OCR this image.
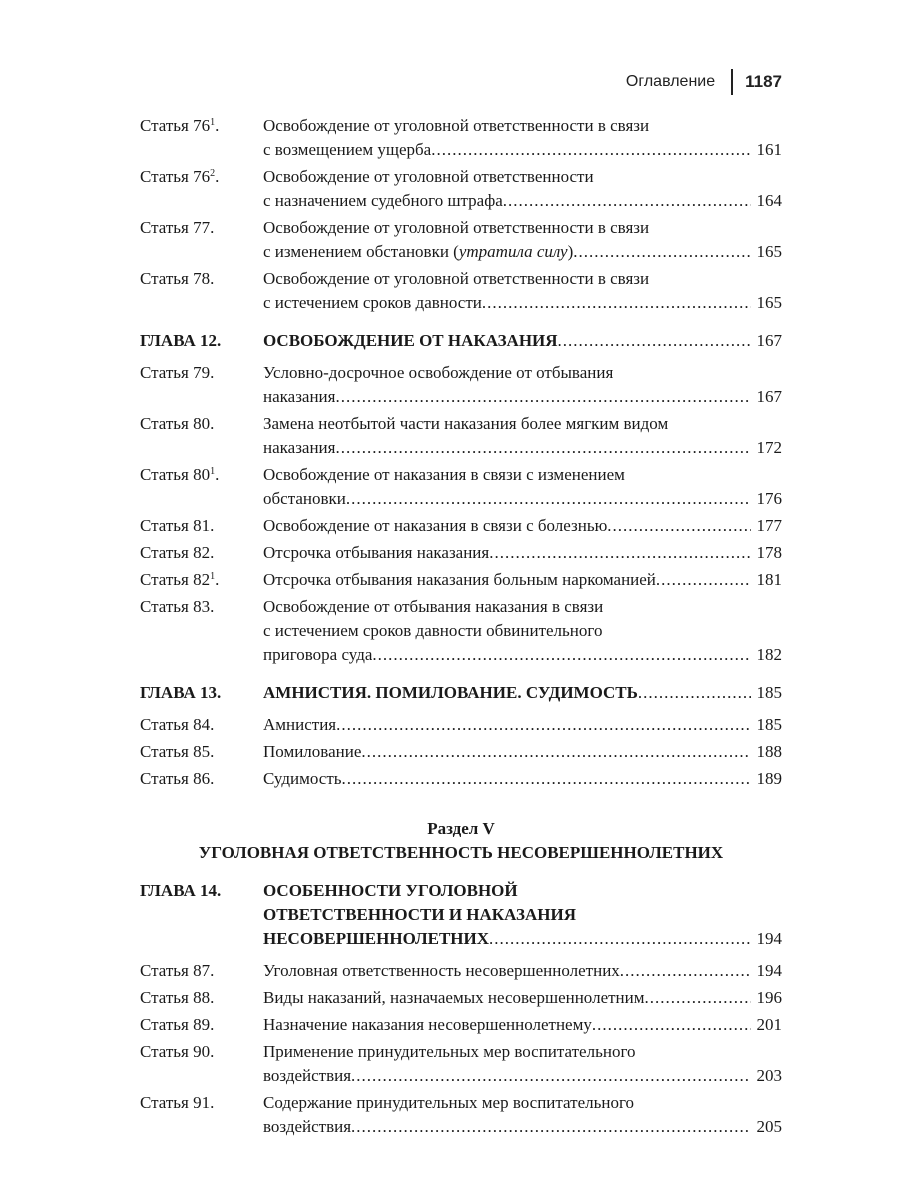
Оглавление 1187
Статья $76^1$.	Освобождение от уголовной ответственности в связи
с возмещением ущерба .....	161
Статья $76^2$.	Освобождение от уголовной ответственности
с назначением судебного штрафа .....	164
Статья 77.	Освобождение от уголовной ответственности в связи
с изменением обстановки (утратила силу) .....	165
Статья 78.	Освобождение от уголовной ответственности в связи
с истечением сроков давности .....	165
ГЛАВА 12.	ОСВОБОЖДЕНИЕ ОТ НАКАЗАНИЯ .....	167
Статья 79.	Условно-досрочное освобождение от отбывания
наказания .....	167
Статья 80.	Замена неотбытой части наказания более мягким видом
наказания .....	172
Статья $80^1$.	Освобождение от наказания в связи с изменением
обстановки .....	176
Статья 81.	Освобождение от наказания в связи с болезнью .....	177
Статья 82.	Отсрочка отбывания наказания .....	178
Статья $82^1$.	Отсрочка отбывания наказания больным наркоманией .....	181
Статья 83.	Освобождение от отбывания наказания в связи
с истечением сроков давности обвинительного
приговора суда .....	182
ГЛАВА 13.	АМНИСТИЯ. ПОМИЛОВАНИЕ. СУДИМОСТЬ .....	185
Статья 84.	Амнистия .....	185
Статья 85.	Помилование .....	188
Статья 86.	Судимость .....	189
Раздел V
УГОЛОВНАЯ ОТВЕТСТВЕННОСТЬ НЕСОВЕРШЕННОЛЕТНИХ
ГЛАВА 14.	ОСОБЕННОСТИ УГОЛОВНОЙ
ОТВЕТСТВЕННОСТИ И НАКАЗАНИЯ
НЕСОВЕРШЕННОЛЕТНИХ .....	194
Статья 87.	Уголовная ответственность несовершеннолетних .....	194
Статья 88.	Виды наказаний, назначаемых несовершеннолетним .....	196
Статья 89.	Назначение наказания несовершеннолетнему .....	201
Статья 90.	Применение принудительных мер воспитательного
воздействия .....	203
Статья 91.	Содержание принудительных мер воспитательного
воздействия .....	205
